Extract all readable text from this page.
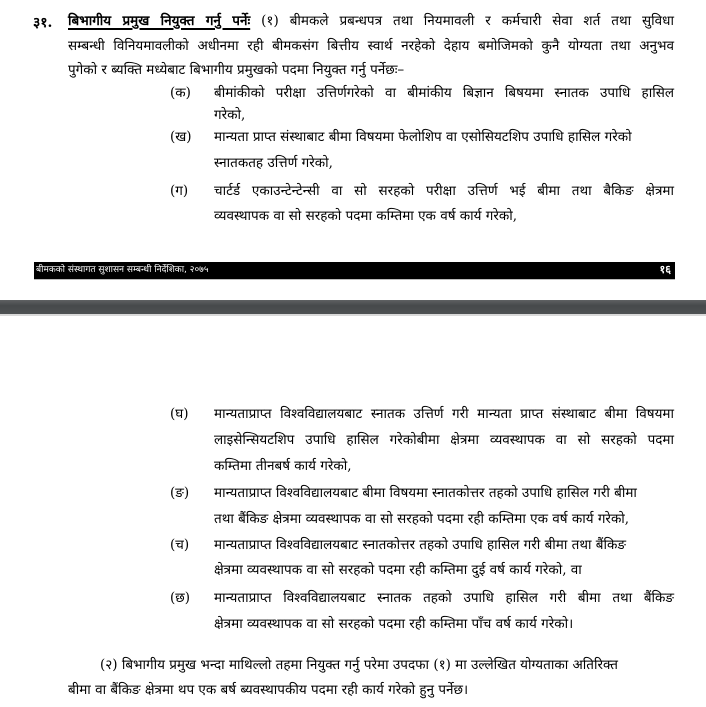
३१. बिभागीय प्रमुख नियुक्त गर्नु पर्नेः (१) बीमकले प्रबन्धपत्र तथा नियमावली र कर्मचारी सेवा शर्त तथा सुविधा
सम्बन्धी विनियमावलीको अधीनमा रही बीमकसंग बित्तीय स्वार्थ नरहेको देहाय बमोजिमको कुनै योग्यता तथा अनुभव
पुगेको र ब्यक्ति मध्येबाट बिभागीय प्रमुखको पदमा नियुक्त गर्नु पर्नेछः–
(क) बीमांकीको परीक्षा उत्तिर्णगरेको वा बीमांकीय बिज्ञान बिषयमा स्नातक उपाधि हासिल
गरेको,
(ख) मान्यता प्राप्त संस्थाबाट बीमा विषयमा फेलोशिप वा एसोसियटशिप उपाधि हासिल गरेको
स्नातकतह उत्तिर्ण गरेको,
(ग) चार्टर्ड एकाउन्टेन्टेन्सी वा सो सरहको परीक्षा उत्तिर्ण भई बीमा तथा बैकिङ क्षेत्रमा
व्यवस्थापक वा सो सरहको पदमा कम्तिमा एक वर्ष कार्य गरेको,
बीमकको संस्थागत सुशासन सम्बन्धी निर्देशिका, २०७५	१६
(घ) मान्यताप्राप्त विश्वविद्यालयबाट स्नातक उत्तिर्ण गरी मान्यता प्राप्त संस्थाबाट बीमा विषयमा
लाइसेन्सियटशिप उपाधि हासिल गरेकोबीमा क्षेत्रमा व्यवस्थापक वा सो सरहको पदमा
कम्तिमा तीनबर्ष कार्य गरेको,
(ङ) मान्यताप्राप्त विश्वविद्यालयबाट बीमा विषयमा स्नातकोत्तर तहको उपाधि हासिल गरी बीमा
तथा बैंकिङ क्षेत्रमा व्यवस्थापक वा सो सरहको पदमा रही कम्तिमा एक वर्ष कार्य गरेको,
(च) मान्यताप्राप्त विश्वविद्यालयबाट स्नातकोत्तर तहको उपाधि हासिल गरी बीमा तथा बैंकिङ
क्षेत्रमा व्यवस्थापक वा सो सरहको पदमा रही कम्तिमा दुई वर्ष कार्य गरेको, वा
(छ) मान्यताप्राप्त विश्वविद्यालयबाट स्नातक तहको उपाधि हासिल गरी बीमा तथा बैंकिङ
क्षेत्रमा व्यवस्थापक वा सो सरहको पदमा रही कम्तिमा पाँच वर्ष कार्य गरेको।
(२) बिभागीय प्रमुख भन्दा माथिल्लो तहमा नियुक्त गर्नु परेमा उपदफा (१) मा उल्लेखित योग्यताका अतिरिक्त
बीमा वा बैंकिङ क्षेत्रमा थप एक बर्ष ब्यवस्थापकीय पदमा रही कार्य गरेको हुनु पर्नेछ।
